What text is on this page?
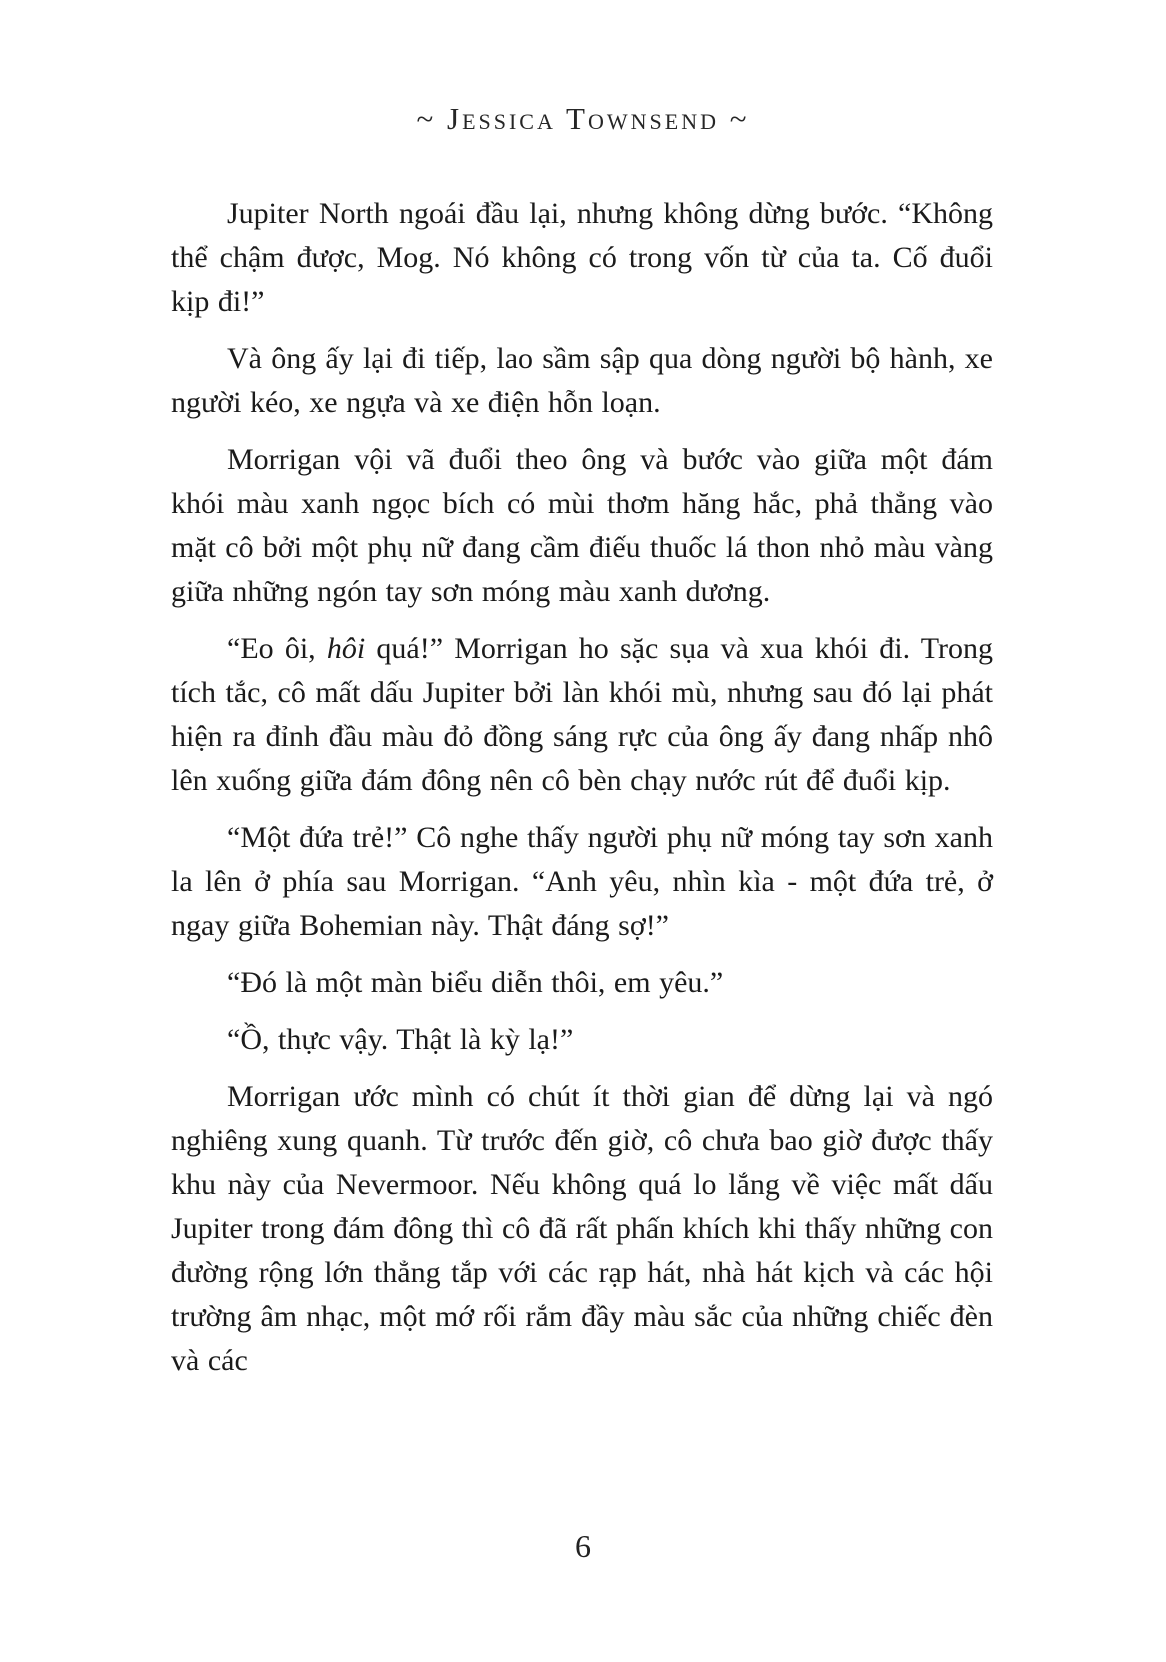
~ Jessica Townsend ~

Jupiter North ngoái đầu lại, nhưng không dừng bước. “Không thể chậm được, Mog. Nó không có trong vốn từ của ta. Cố đuổi kịp đi!”

Và ông ấy lại đi tiếp, lao sầm sập qua dòng người bộ hành, xe người kéo, xe ngựa và xe điện hỗn loạn.

Morrigan vội vã đuổi theo ông và bước vào giữa một đám khói màu xanh ngọc bích có mùi thơm hăng hắc, phả thẳng vào mặt cô bởi một phụ nữ đang cầm điếu thuốc lá thon nhỏ màu vàng giữa những ngón tay sơn móng màu xanh dương.

“Eo ôi, hôi quá!” Morrigan ho sặc sụa và xua khói đi. Trong tích tắc, cô mất dấu Jupiter bởi làn khói mù, nhưng sau đó lại phát hiện ra đỉnh đầu màu đỏ đồng sáng rực của ông ấy đang nhấp nhô lên xuống giữa đám đông nên cô bèn chạy nước rút để đuổi kịp.

“Một đứa trẻ!” Cô nghe thấy người phụ nữ móng tay sơn xanh la lên ở phía sau Morrigan. “Anh yêu, nhìn kìa - một đứa trẻ, ở ngay giữa Bohemian này. Thật đáng sợ!”

“Đó là một màn biểu diễn thôi, em yêu.”

“Ồ, thực vậy. Thật là kỳ lạ!”

Morrigan ước mình có chút ít thời gian để dừng lại và ngó nghiêng xung quanh. Từ trước đến giờ, cô chưa bao giờ được thấy khu này của Nevermoor. Nếu không quá lo lắng về việc mất dấu Jupiter trong đám đông thì cô đã rất phấn khích khi thấy những con đường rộng lớn thẳng tắp với các rạp hát, nhà hát kịch và các hội trường âm nhạc, một mớ rối rắm đầy màu sắc của những chiếc đèn và các

6
